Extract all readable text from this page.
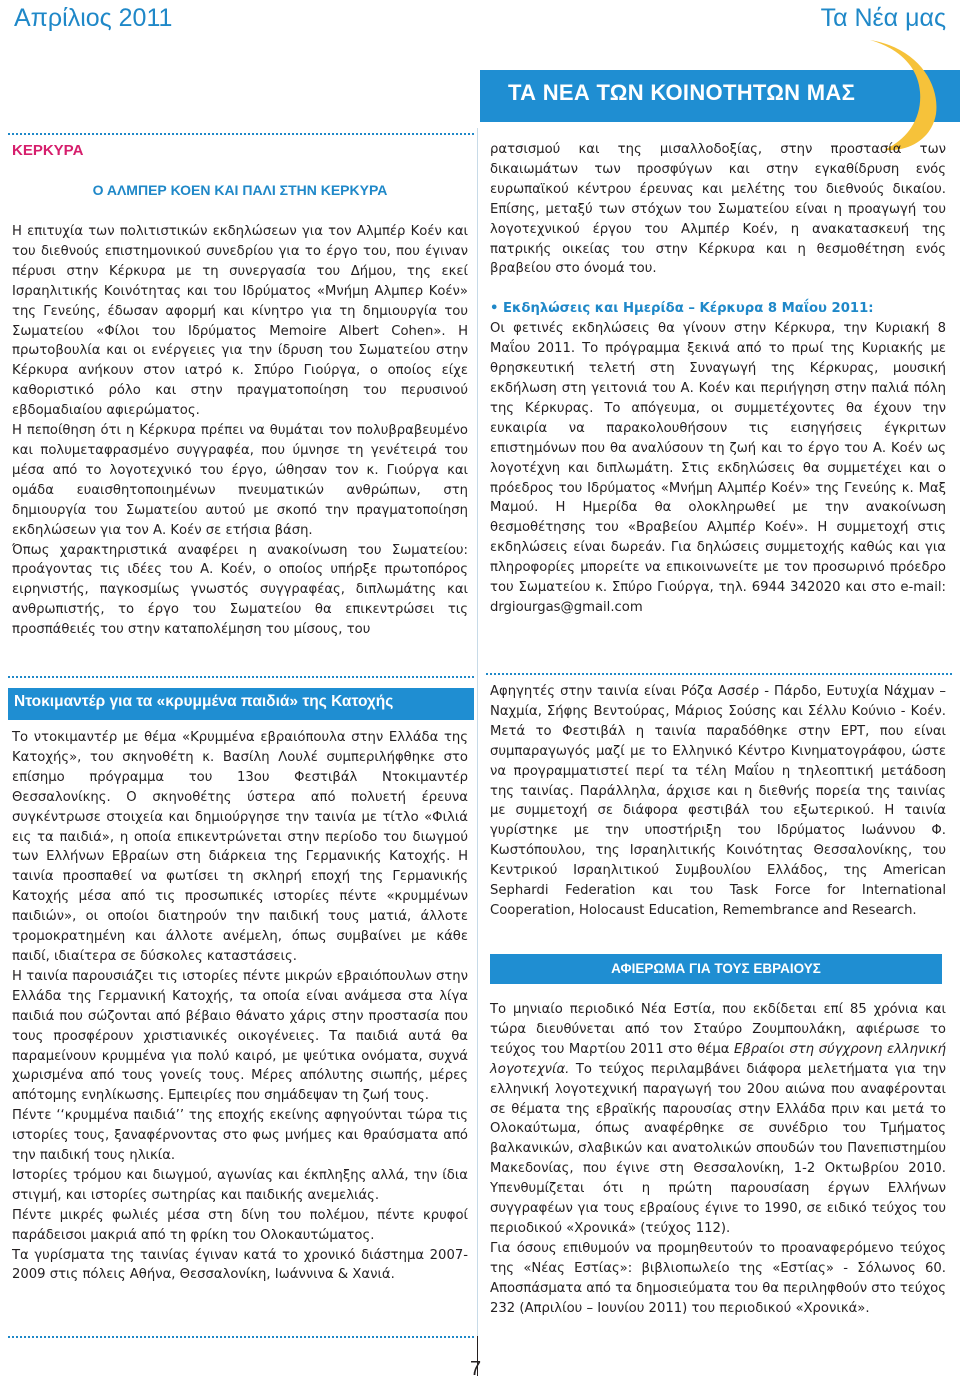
Απρίλιος 2011	Τα Νέα μας
ΤΑ ΝΕΑ ΤΩΝ ΚΟΙΝΟΤΗΤΩΝ ΜΑΣ
ΚΕΡΚΥΡΑ
Ο ΑΛΜΠΕΡ ΚΟΕΝ ΚΑΙ ΠΑΛΙ ΣΤΗΝ ΚΕΡΚΥΡΑ

Η επιτυχία των πολιτιστικών εκδηλώσεων για τον Αλμπέρ Κοέν και του διεθνούς επιστημονικού συνεδρίου για το έργο του, που έγιναν πέρυσι στην Κέρκυρα με τη συνεργασία του Δήμου, της εκεί Ισραηλιτικής Κοινότητας και του Ιδρύματος «Μνήμη Αλμπερ Κοέν» της Γενεύης, έδωσαν αφορμή και κίνητρο για τη δημιουργία του Σωματείου «Φίλοι του Ιδρύματος Memoire Albert Cohen». Η πρωτοβουλία και οι ενέργειες για την ίδρυση του Σωματείου στην Κέρκυρα ανήκουν στον ιατρό κ. Σπύρο Γιούργα, ο οποίος είχε καθοριστικό ρόλο και στην πραγματοποίηση του περυσινού εβδομαδιαίου αφιερώματος.

Η πεποίθηση ότι η Κέρκυρα πρέπει να θυμάται τον πολυβραβευμένο και πολυμεταφρασμένο συγγραφέα, που ύμνησε τη γενέτειρά του μέσα από το λογοτεχνικό του έργο, ώθησαν τον κ. Γιούργα και ομάδα ευαισθητοποιημένων πνευματικών ανθρώπων, στη δημιουργία του Σωματείου αυτού με σκοπό την πραγματοποίηση εκδηλώσεων για τον Α. Κοέν σε ετήσια βάση.

Όπως χαρακτηριστικά αναφέρει η ανακοίνωση του Σωματείου: προάγοντας τις ιδέες του Α. Κοέν, ο οποίος υπήρξε πρωτοπόρος ειρηνιστής, παγκοσμίως γνωστός συγγραφέας, διπλωμάτης και ανθρωπιστής, το έργο του Σωματείου θα επικεντρώσει τις προσπάθειές του στην καταπολέμηση του μίσους, του

Ντοκιμαντέρ για τα «κρυμμένα παιδιά» της Κατοχής

Το ντοκιμαντέρ με θέμα «Κρυμμένα εβραιόπουλα στην Ελλάδα της Κατοχής», του σκηνοθέτη κ. Βασίλη Λουλέ συμπεριλήφθηκε στο επίσημο πρόγραμμα του 13ου Φεστιβάλ Ντοκιμαντέρ Θεσσαλονίκης. Ο σκηνοθέτης ύστερα από πολυετή έρευνα συγκέντρωσε στοιχεία και δημιούργησε την ταινία με τίτλο «Φιλιά εις τα παιδιά», η οποία επικεντρώνεται στην περίοδο του διωγμού των Ελλήνων Εβραίων στη διάρκεια της Γερμανικής Κατοχής. Η ταινία προσπαθεί να φωτίσει τη σκληρή εποχή της Γερμανικής Κατοχής μέσα από τις προσωπικές ιστορίες πέντε «κρυμμένων παιδιών», οι οποίοι διατηρούν την παιδική τους ματιά, άλλοτε τρομοκρατημένη και άλλοτε ανέμελη, όπως συμβαίνει με κάθε παιδί, ιδιαίτερα σε δύσκολες καταστάσεις.

Η ταινία παρουσιάζει τις ιστορίες πέντε μικρών εβραιόπουλων στην Ελλάδα της Γερμανική Κατοχής, τα οποία είναι ανάμεσα στα λίγα παιδιά που σώζονται από βέβαιο θάνατο χάρις στην προστασία που τους προσφέρουν χριστιανικές οικογένειες. Τα παιδιά αυτά θα παραμείνουν κρυμμένα για πολύ καιρό, με ψεύτικα ονόματα, συχνά χωρισμένα από τους γονείς τους. Μέρες απόλυτης σιωπής, μέρες απότομης ενηλίκωσης. Εμπειρίες που σημάδεψαν τη ζωή τους.

Πέντε ‘‘κρυμμένα παιδιά’’ της εποχής εκείνης αφηγούνται τώρα τις ιστορίες τους, ξαναφέρνοντας στο φως μνήμες και θραύσματα από την παιδική τους ηλικία.

Ιστορίες τρόμου και διωγμού, αγωνίας και έκπληξης αλλά, την ίδια στιγμή, και ιστορίες σωτηρίας και παιδικής ανεμελιάς.

Πέντε μικρές φωλιές μέσα στη δίνη του πολέμου, πέντε κρυφοί παράδεισοι μακριά από τη φρίκη του Ολοκαυτώματος.

Τα γυρίσματα της ταινίας έγιναν κατά το χρονικό διάστημα 2007-2009 στις πόλεις Αθήνα, Θεσσαλονίκη, Ιωάννινα & Χανιά.

ρατσισμού και της μισαλλοδοξίας, στην προστασία των δικαιωμάτων των προσφύγων και στην εγκαθίδρυση ενός ευρωπαϊκού κέντρου έρευνας και μελέτης του διεθνούς δικαίου. Επίσης, μεταξύ των στόχων του Σωματείου είναι η προαγωγή του λογοτεχνικού έργου του Αλμπέρ Κοέν, η ανακατασκευή της πατρικής οικείας του στην Κέρκυρα και η θεσμοθέτηση ενός βραβείου στο όνομά του.

• Εκδηλώσεις και Ημερίδα – Κέρκυρα 8 Μαΐου 2011:

Οι φετινές εκδηλώσεις θα γίνουν στην Κέρκυρα, την Κυριακή 8 Μαΐου 2011. Το πρόγραμμα ξεκινά από το πρωί της Κυριακής με θρησκευτική τελετή στη Συναγωγή της Κέρκυρας, μουσική εκδήλωση στη γειτονιά του Α. Κοέν και περιήγηση στην παλιά πόλη της Κέρκυρας. Το απόγευμα, οι συμμετέχοντες θα έχουν την ευκαιρία να παρακολουθήσουν τις εισηγήσεις έγκριτων επιστημόνων που θα αναλύσουν τη ζωή και το έργο του Α. Κοέν ως λογοτέχνη και διπλωμάτη. Στις εκδηλώσεις θα συμμετέχει και ο πρόεδρος του Ιδρύματος «Μνήμη Αλμπέρ Κοέν» της Γενεύης κ. Μαξ Μαμού. Η Ημερίδα θα ολοκληρωθεί με την ανακοίνωση θεσμοθέτησης του «Βραβείου Αλμπέρ Κοέν». Η συμμετοχή στις εκδηλώσεις είναι δωρεάν. Για δηλώσεις συμμετοχής καθώς και για πληροφορίες μπορείτε να επικοινωνείτε με τον προσωρινό πρόεδρο του Σωματείου κ. Σπύρο Γιούργα, τηλ. 6944 342020 και στο e-mail: drgiourgas@gmail.com

Αφηγητές στην ταινία είναι Ρόζα Ασσέρ - Πάρδο, Ευτυχία Νάχμαν – Ναχμία, Σήφης Βεντούρας, Μάριος Σούσης και Σέλλυ Κούνιο - Κοέν. Μετά το Φεστιβάλ η ταινία παραδόθηκε στην ΕΡΤ, που είναι συμπαραγωγός μαζί με το Ελληνικό Κέντρο Κινηματογράφου, ώστε να προγραμματιστεί περί τα τέλη Μαΐου η τηλεοπτική μετάδοση της ταινίας. Παράλληλα, άρχισε και η διεθνής πορεία της ταινίας με συμμετοχή σε διάφορα φεστιβάλ του εξωτερικού. Η ταινία γυρίστηκε με την υποστήριξη του Ιδρύματος Ιωάννου Φ. Κωστόπουλου, της Ισραηλιτικής Κοινότητας Θεσσαλονίκης, του Κεντρικού Ισραηλιτικού Συμβουλίου Ελλάδος, της American Sephardi Federation και του Task Force for International Cooperation, Holocaust Education, Remembrance and Research.

ΑΦΙΕΡΩΜΑ ΓΙΑ ΤΟΥΣ ΕΒΡΑΙΟΥΣ

Το μηνιαίο περιοδικό Νέα Εστία, που εκδίδεται επί 85 χρόνια και τώρα διευθύνεται από τον Σταύρο Ζουμπουλάκη, αφιέρωσε το τεύχος του Μαρτίου 2011 στο θέμα Εβραίοι στη σύγχρονη ελληνική λογοτεχνία. Το τεύχος περιλαμβάνει διάφορα μελετήματα για την ελληνική λογοτεχνική παραγωγή του 20ου αιώνα που αναφέρονται σε θέματα της εβραϊκής παρουσίας στην Ελλάδα πριν και μετά το Ολοκαύτωμα, όπως αναφέρθηκε σε συνέδριο του Τμήματος βαλκανικών, σλαβικών και ανατολικών σπουδών του Πανεπιστημίου Μακεδονίας, που έγινε στη Θεσσαλονίκη, 1-2 Οκτωβρίου 2010. Υπενθυμίζεται ότι η πρώτη παρουσίαση έργων Ελλήνων συγγραφέων για τους εβραίους έγινε το 1990, σε ειδικό τεύχος του περιοδικού «Χρονικά» (τεύχος 112).

Για όσους επιθυμούν να προμηθευτούν το προαναφερόμενο τεύχος της «Νέας Εστίας»: βιβλιοπωλείο της «Εστίας» - Σόλωνος 60. Αποσπάσματα από τα δημοσιεύματα του θα περιληφθούν στο τεύχος 232 (Απριλίου – Ιουνίου 2011) του περιοδικού «Χρονικά».

7
